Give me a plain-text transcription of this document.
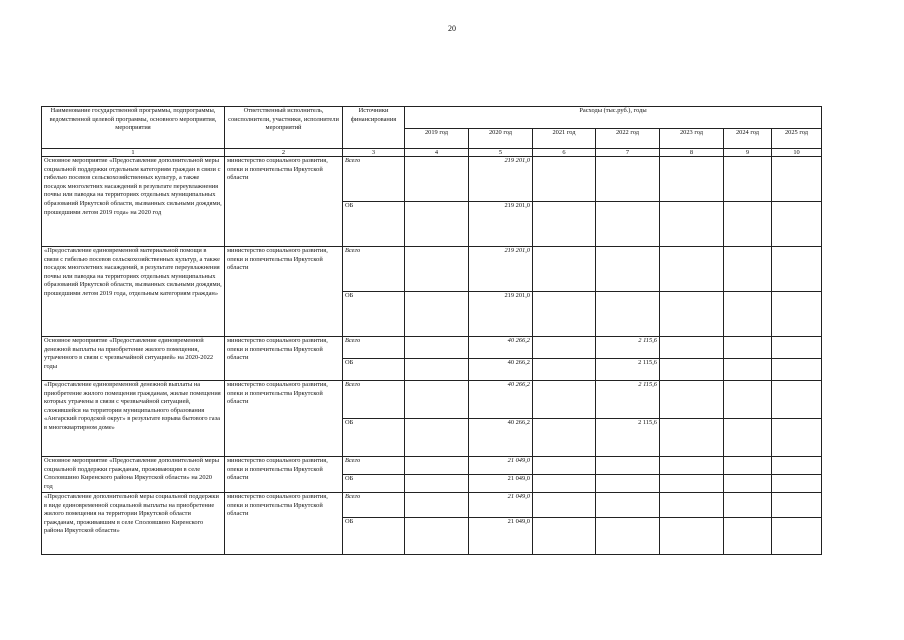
20
Наименование государственной программы, подпрограммы, ведомственной целевой программы, основного мероприятия, мероприятия	Ответственный исполнитель, соисполнители, участники, исполнители мероприятий	Источники финансирования	Расходы (тыс.руб.), годы						
			2019 год	2020 год	2021 год	2022 год	2023 год	2024 год	2025 год
1	2	3	4	5	6	7	8	9	10
Основное мероприятие «Предоставление дополнительной меры социальной поддержки отдельным категориям граждан в связи с гибелью посевов сельскохозяйственных культур, а также посадок многолетних насаждений в результате переувлажнения почвы или паводка на территориях отдельных муниципальных образований Иркутской области, вызванных сильными дождями, прошедшими летом 2019 года» на 2020 год	министерство социального развития, опеки и попечительства Иркутской области	Всего		219 201,0					
		ОБ		219 201,0					
«Предоставление единовременной материальной помощи в связи с гибелью посевов сельскохозяйственных культур, а также посадок многолетних насаждений, в результате переувлажнения почвы или паводка на территориях отдельных муниципальных образований Иркутской области, вызванных сильными дождями, прошедшими летом 2019 года, отдельным категориям граждан»	министерство социального развития, опеки и попечительства Иркутской области	Всего		219 201,0					
		ОБ		219 201,0					
Основное мероприятие «Предоставление единовременной денежной выплаты на приобретение жилого помещения, утраченного в связи с чрезвычайной ситуацией» на 2020-2022 годы	министерство социального развития, опеки и попечительства Иркутской области	Всего		40 266,2		2 115,6			
		ОБ		40 266,2		2 115,6			
«Предоставление единовременной денежной выплаты на приобретение жилого помещения гражданам, жилые помещения которых утрачены в связи с чрезвычайной ситуацией, сложившейся на территории муниципального образования «Ангарский городской округ» в результате взрыва бытового газа в многоквартирном доме»	министерство социального развития, опеки и попечительства Иркутской области	Всего		40 266,2		2 115,6			
		ОБ		40 266,2		2 115,6			
Основное мероприятие «Предоставление дополнительной меры социальной поддержки гражданам, проживающим в селе Споловшино Киренского района Иркутской области» на 2020 год	министерство социального развития, опеки и попечительства Иркутской области	Всего		21 049,0					
		ОБ		21 049,0					
«Предоставление дополнительной меры социальной поддержки в виде единовременной социальной выплаты на приобретение жилого помещения на территории Иркутской области гражданам, проживавшим в селе Споловшино Киренского района Иркутской области»	министерство социального развития, опеки и попечительства Иркутской области	Всего		21 049,0					
		ОБ		21 049,0					
